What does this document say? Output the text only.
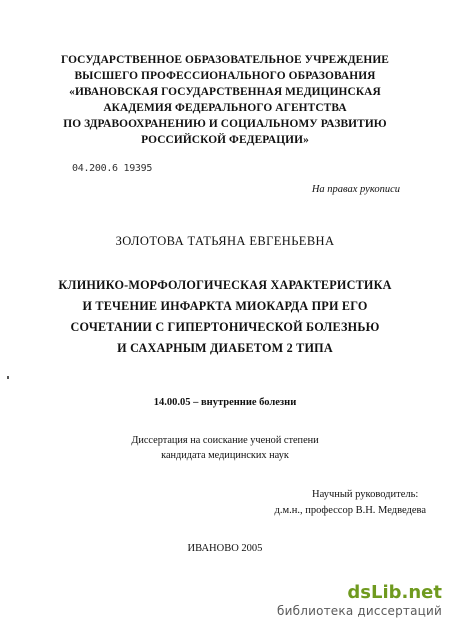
ГОСУДАРСТВЕННОЕ ОБРАЗОВАТЕЛЬНОЕ УЧРЕЖДЕНИЕ
ВЫСШЕГО ПРОФЕССИОНАЛЬНОГО ОБРАЗОВАНИЯ
«ИВАНОВСКАЯ ГОСУДАРСТВЕННАЯ МЕДИЦИНСКАЯ
АКАДЕМИЯ ФЕДЕРАЛЬНОГО АГЕНТСТВА
ПО ЗДРАВООХРАНЕНИЮ И СОЦИАЛЬНОМУ РАЗВИТИЮ
РОССИЙСКОЙ ФЕДЕРАЦИИ»
04.200.6 19395
На правах рукописи
ЗОЛОТОВА ТАТЬЯНА ЕВГЕНЬЕВНА
КЛИНИКО-МОРФОЛОГИЧЕСКАЯ ХАРАКТЕРИСТИКА
И ТЕЧЕНИЕ ИНФАРКТА МИОКАРДА ПРИ ЕГО
СОЧЕТАНИИ С ГИПЕРТОНИЧЕСКОЙ БОЛЕЗНЬЮ
И САХАРНЫМ ДИАБЕТОМ 2 ТИПА
14.00.05 – внутренние болезни
Диссертация на соискание ученой степени
кандидата медицинских наук
Научный руководитель:
д.м.н., профессор В.Н. Медведева
ИВАНОВО 2005
dsLib.net
библиотека диссертаций
